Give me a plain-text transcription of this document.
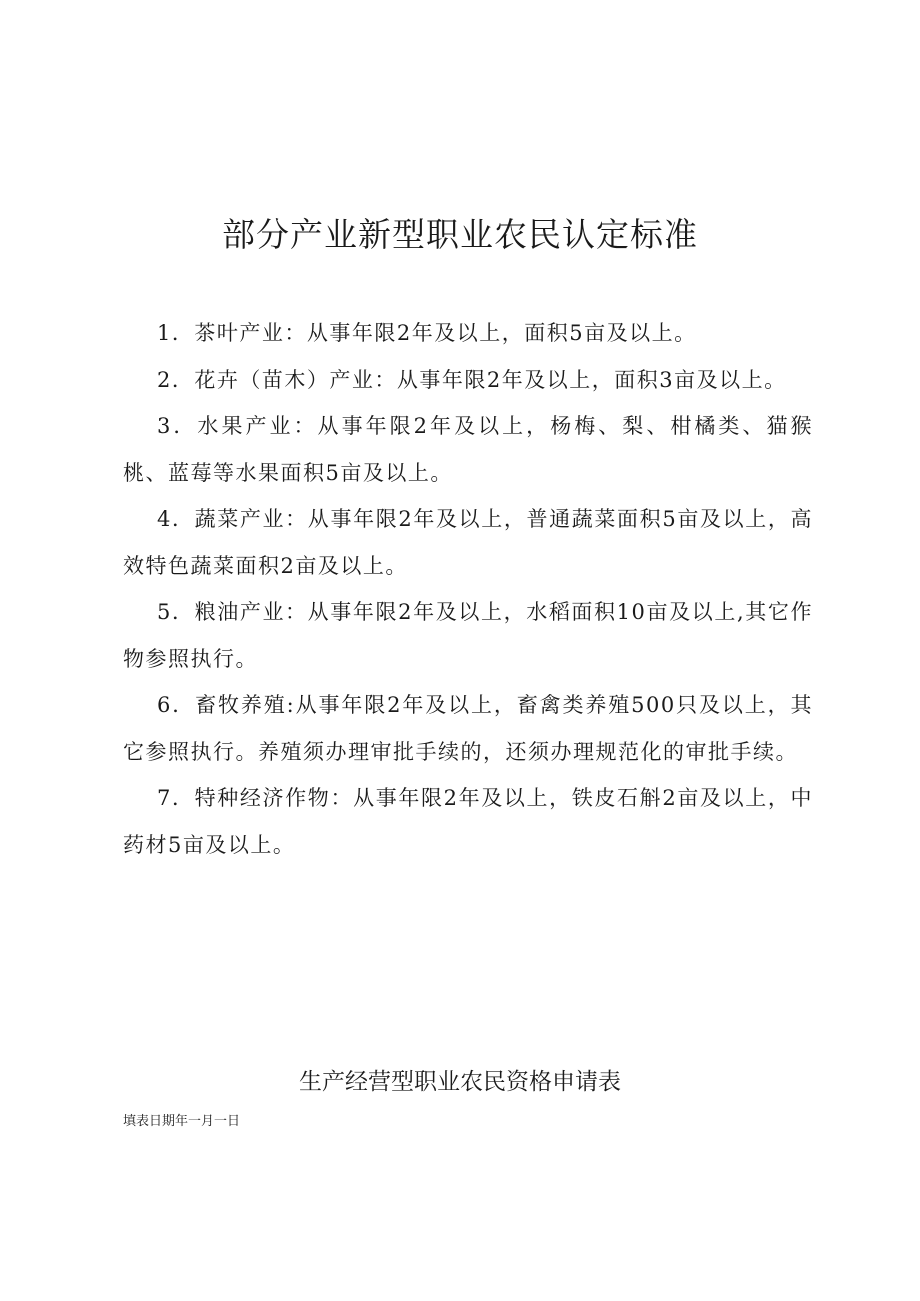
部分产业新型职业农民认定标准

1．茶叶产业：从事年限2年及以上，面积5亩及以上。

2．花卉（苗木）产业：从事年限2年及以上，面积3亩及以上。

3．水果产业：从事年限2年及以上，杨梅、梨、柑橘类、猫猴桃、蓝莓等水果面积5亩及以上。

4．蔬菜产业：从事年限2年及以上，普通蔬菜面积5亩及以上，高效特色蔬菜面积2亩及以上。

5．粮油产业：从事年限2年及以上，水稻面积10亩及以上,其它作物参照执行。

6．畜牧养殖:从事年限2年及以上，畜禽类养殖500只及以上，其它参照执行。养殖须办理审批手续的，还须办理规范化的审批手续。

7．特种经济作物：从事年限2年及以上，铁皮石斛2亩及以上，中药材5亩及以上。

生产经营型职业农民资格申请表
填表日期年一月一日
